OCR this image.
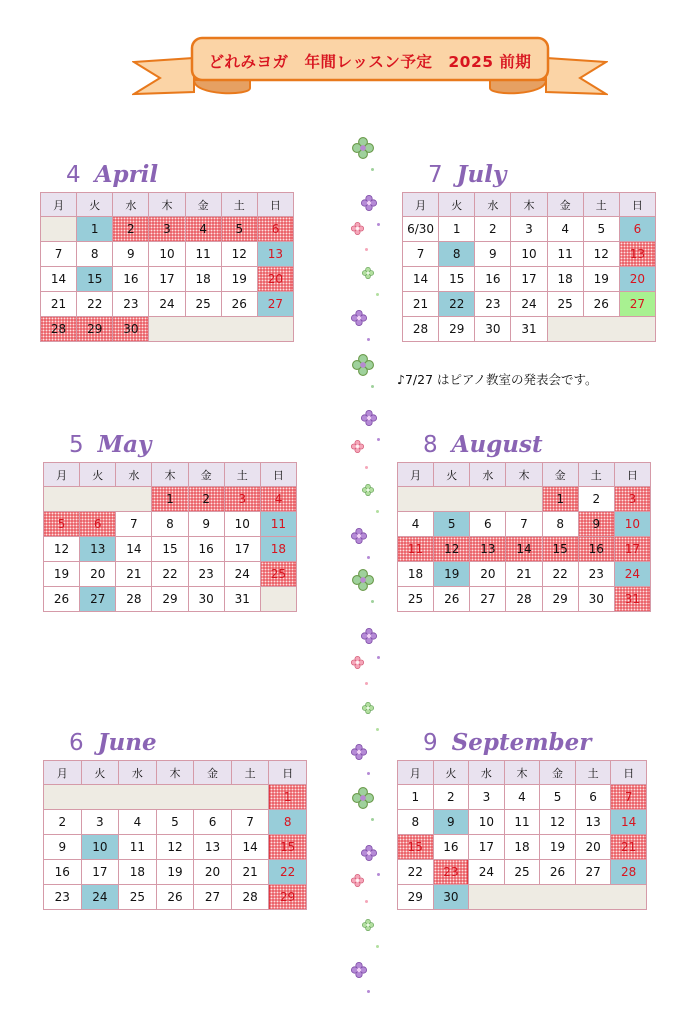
どれみヨガ　年間レッスン予定　2025 前期
4 April
月	火	水	木	金	土	日
	1	2	3	4	5	6
7	8	9	10	11	12	13
14	15	16	17	18	19	20
21	22	23	24	25	26	27
28	29	30				
7 July
月	火	水	木	金	土	日
6/30	1	2	3	4	5	6
7	8	9	10	11	12	13
14	15	16	17	18	19	20
21	22	23	24	25	26	27
28	29	30	31			
5 May
月	火	水	木	金	土	日
			1	2	3	4
5	6	7	8	9	10	11
12	13	14	15	16	17	18
19	20	21	22	23	24	25
26	27	28	29	30	31	
8 August
月	火	水	木	金	土	日
				1	2	3
4	5	6	7	8	9	10
11	12	13	14	15	16	17
18	19	20	21	22	23	24
25	26	27	28	29	30	31
6 June
月	火	水	木	金	土	日
						1
2	3	4	5	6	7	8
9	10	11	12	13	14	15
16	17	18	19	20	21	22
23	24	25	26	27	28	29
9 September
月	火	水	木	金	土	日
1	2	3	4	5	6	7
8	9	10	11	12	13	14
15	16	17	18	19	20	21
22	23	24	25	26	27	28
29	30					
♪7/27 はピアノ教室の発表会です。
